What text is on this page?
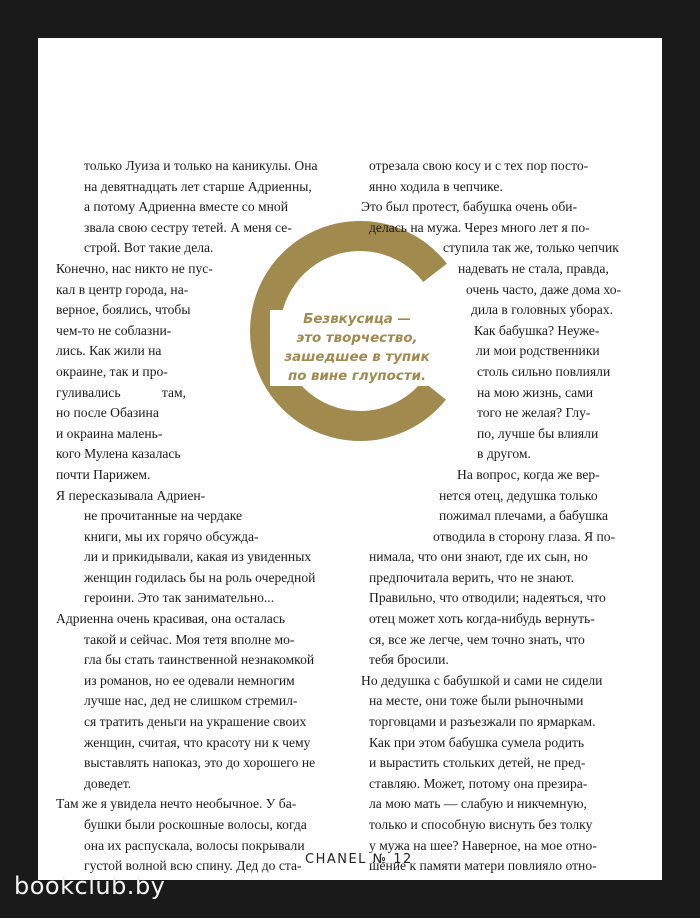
только Луиза и только на каникулы. Она
на девятнадцать лет старше Адриенны,
а потому Адриенна вместе со мной
звала свою сестру тетей. А меня се-
строй. Вот такие дела.
Конечно, нас никто не пус-
кал в центр города, на-
верное, боялись, чтобы
чем-то не соблазни-
лись. Как жили на
окраине, так и про-
гуливались там,
но после Обазина
и окраина малень-
кого Мулена казалась
почти Парижем.
Я пересказывала Адриен-
не прочитанные на чердаке
книги, мы их горячо обсужда-
ли и прикидывали, какая из увиденных
женщин годилась бы на роль очередной
героини. Это так занимательно...
Адриенна очень красивая, она осталась
такой и сейчас. Моя тетя вполне мо-
гла бы стать таинственной незнакомкой
из романов, но ее одевали немногим
лучше нас, дед не слишком стремил-
ся тратить деньги на украшение своих
женщин, считая, что красоту ни к чему
выставлять напоказ, это до хорошего не
доведет.
Там же я увидела нечто необычное. У ба-
бушки были роскошные волосы, когда
она их распускала, волосы покрывали
густой волной всю спину. Дед до ста-
отрезала свою косу и с тех пор посто-
янно ходила в чепчике.
Это был протест, бабушка очень оби-
делась на мужа. Через много лет я по-
ступила так же, только чепчик
надевать не стала, правда,
очень часто, даже дома хо-
дила в головных уборах.
Как бабушка? Неуже-
ли мои родственники
столь сильно повлияли
на мою жизнь, сами
того не желая? Глу-
по, лучше бы влияли
в другом.
На вопрос, когда же вер-
нется отец, дедушка только
пожимал плечами, а бабушка
отводила в сторону глаза. Я по-
нимала, что они знают, где их сын, но
предпочитала верить, что не знают.
Правильно, что отводили; надеяться, что
отец может хоть когда-нибудь вернуть-
ся, все же легче, чем точно знать, что
тебя бросили.
Но дедушка с бабушкой и сами не сидели
на месте, они тоже были рыночными
торговцами и разъезжали по ярмаркам.
Как при этом бабушка сумела родить
и вырастить стольких детей, не пред-
ставляю. Может, потому она презира-
ла мою мать — слабую и никчемную,
только и способную виснуть без толку
у мужа на шее? Наверное, на мое отно-
шение к памяти матери повлияло отно-
Безвкусица —
это творчество,
зашедшее в тупик
по вине глупости.
CHANEL № 12
bookclub.by
